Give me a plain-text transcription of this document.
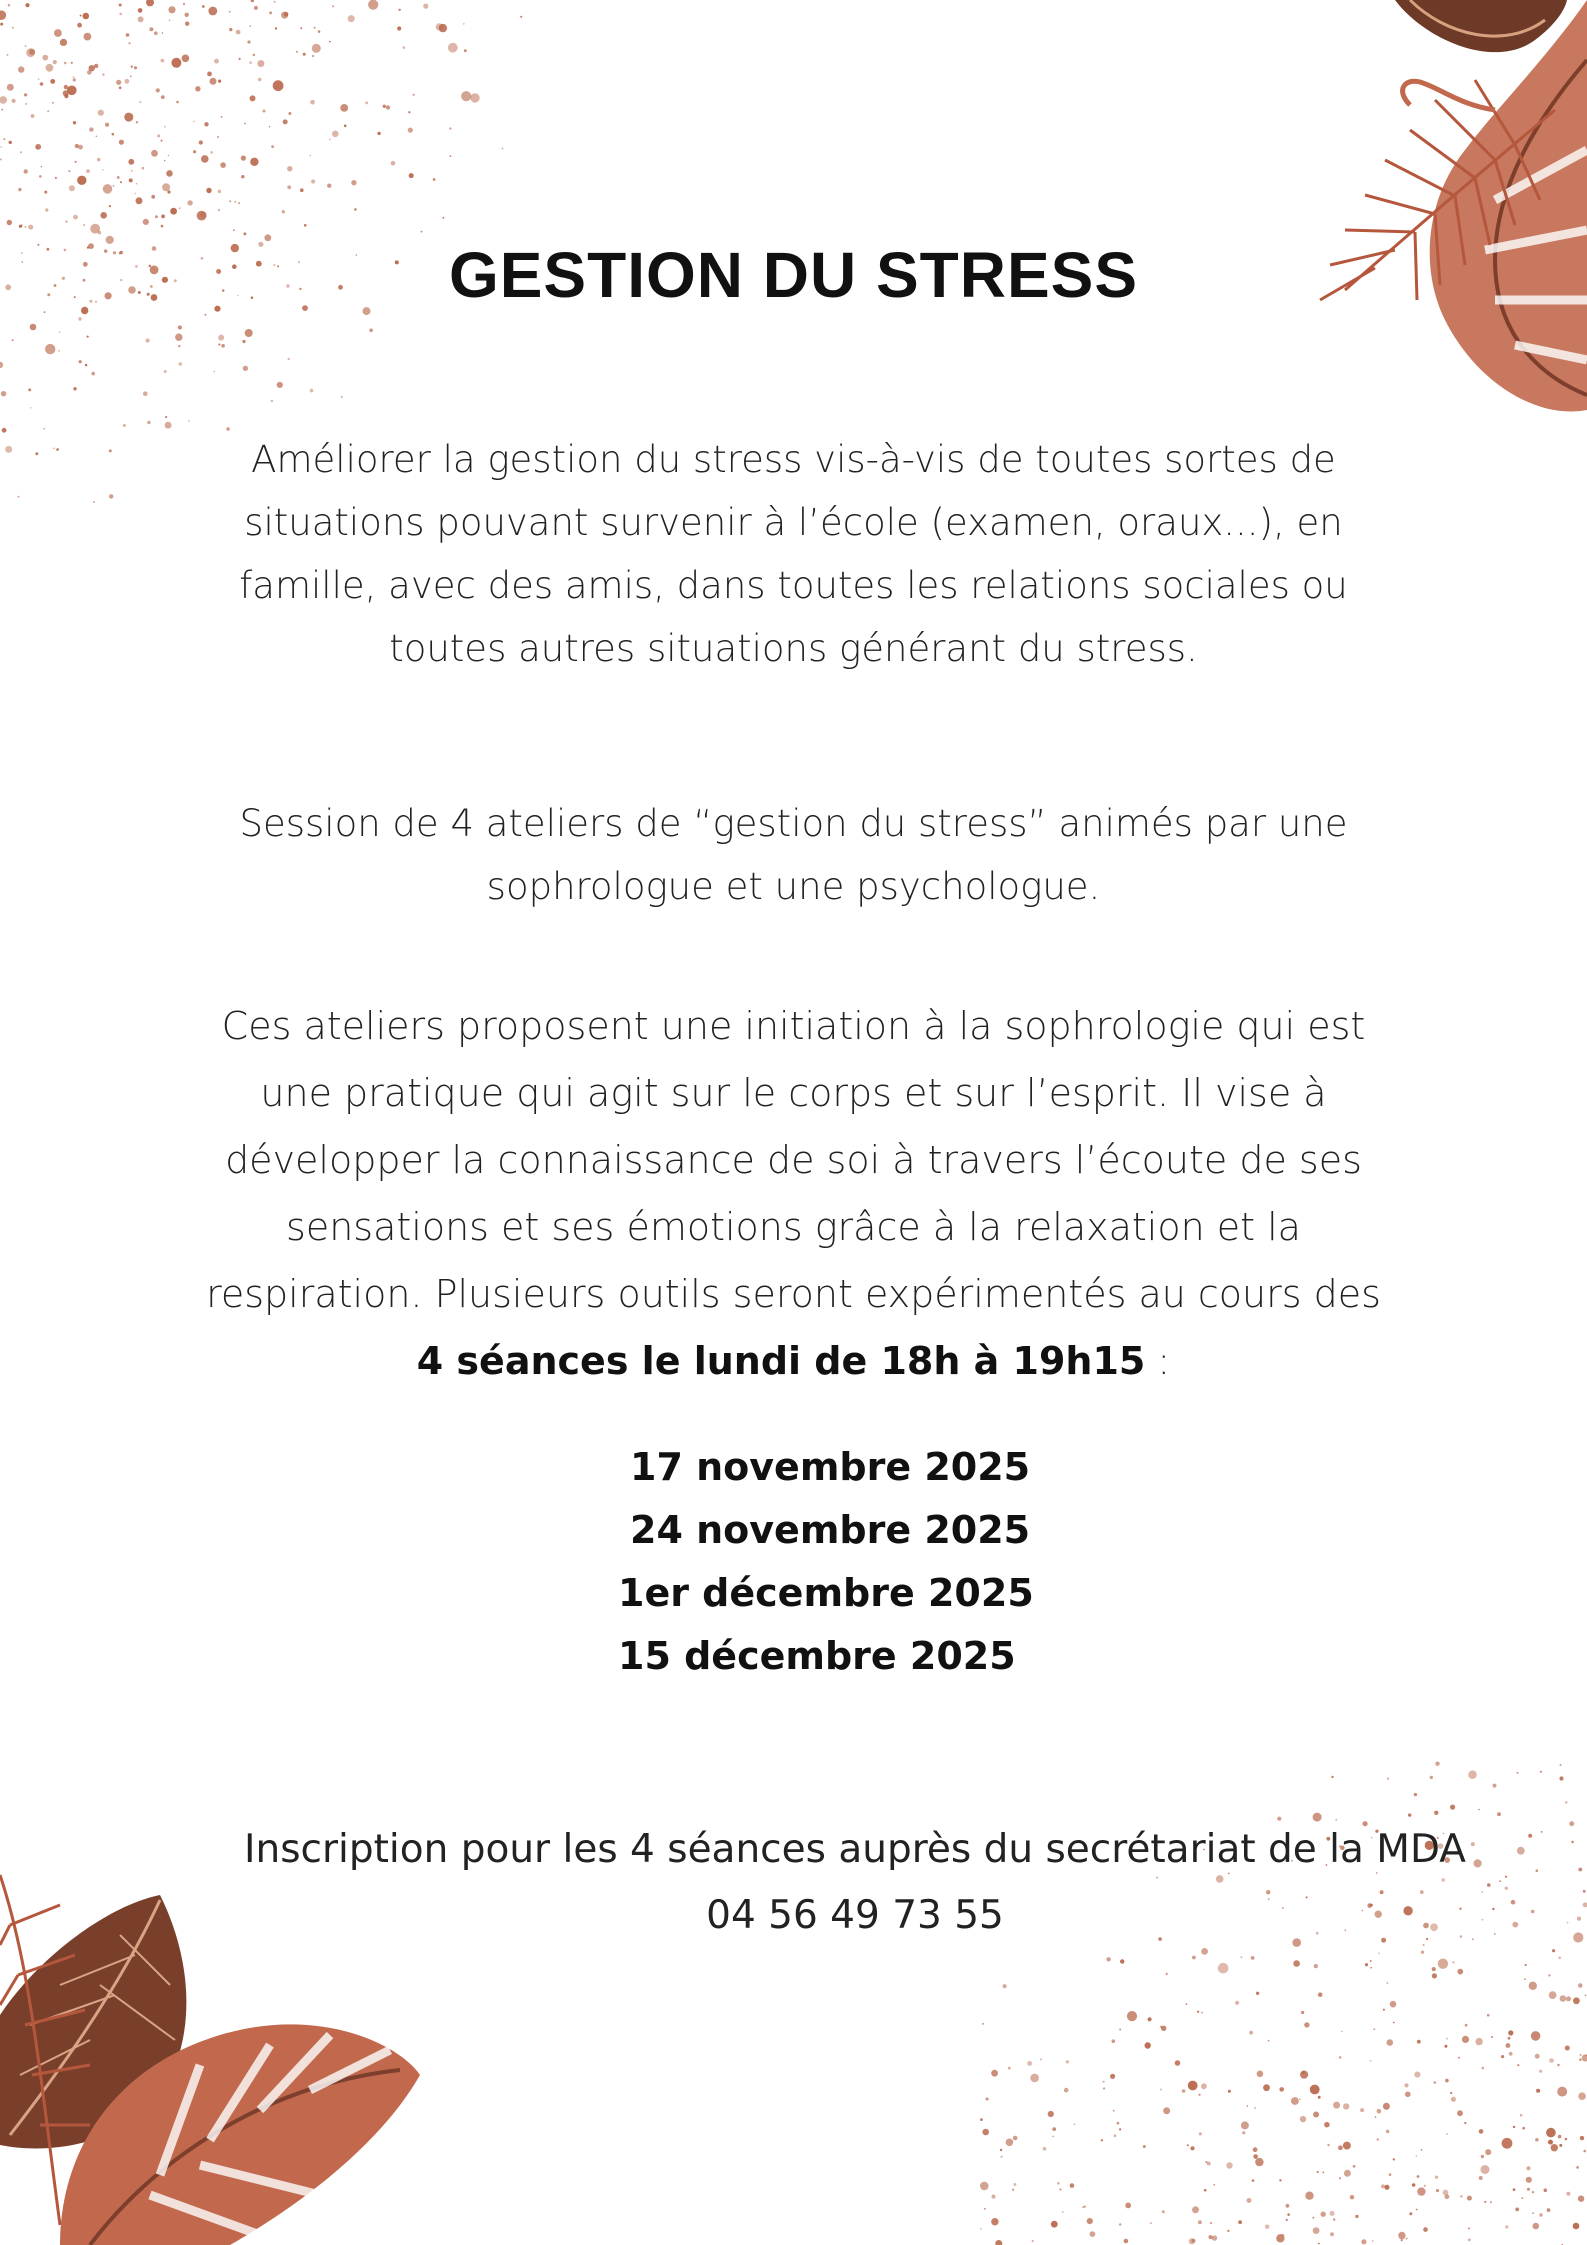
GESTION DU STRESS

Améliorer la gestion du stress vis-à-vis de toutes sortes de situations pouvant survenir à l’école (examen, oraux...), en famille, avec des amis, dans toutes les relations sociales ou toutes autres situations générant du stress.

Session de 4 ateliers de “gestion du stress” animés par une sophrologue et une psychologue.

Ces ateliers proposent une initiation à la sophrologie qui est une pratique qui agit sur le corps et sur l’esprit. Il vise à développer la connaissance de soi à travers l’écoute de ses sensations et ses émotions grâce à la relaxation et la respiration. Plusieurs outils seront expérimentés au cours des 4 séances le lundi de 18h à 19h15 :

17 novembre 2025
24 novembre 2025
1er décembre 2025
15 décembre 2025
Inscription pour les 4 séances auprès du secrétariat de la MDA
04 56 49 73 55
